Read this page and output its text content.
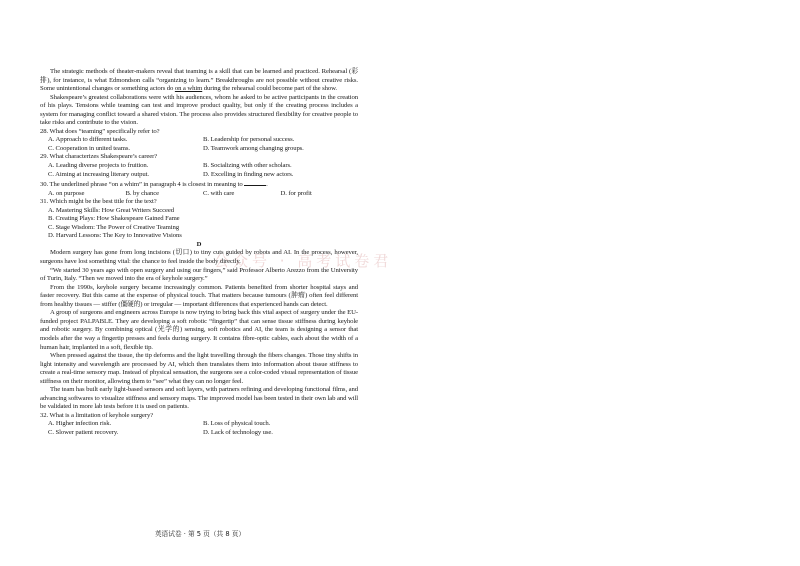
公众号 · 高考试卷君

The strategic methods of theater-makers reveal that teaming is a skill that can be learned and practiced. Rehearsal (彩排), for instance, is what Edmondson calls “organizing to learn.” Breakthroughs are not possible without creative risks. Some unintentional changes or something actors do on a whim during the rehearsal could become part of the show.

Shakespeare’s greatest collaborations were with his audiences, whom he asked to be active participants in the creation of his plays. Tensions while teaming can test and improve product quality, but only if the creating process includes a system for managing conflict toward a shared vision. The process also provides structured flexibility for creative people to take risks and contribute to the vision.

28. What does “teaming” specifically refer to?

A. Approach to different tasks.	B. Leadership for personal success.
C. Cooperation in united teams.	D. Teamwork among changing groups.

29. What characterizes Shakespeare’s career?

A. Leading diverse projects to fruition.	B. Socializing with other scholars.
C. Aiming at increasing literary output.	D. Excelling in finding new actors.

30. The underlined phrase “on a whim” in paragraph 4 is closest in meaning to	.

A. on purpose	B. by chance	C. with care	D. for profit

31. Which might be the best title for the text?

A. Mastering Skills: How Great Writers Succeed
B. Creating Plays: How Shakespeare Gained Fame
C. Stage Wisdom: The Power of Creative Teaming
D. Harvard Lessons: The Key to Innovative Visions

D

Modern surgery has gone from long incisions (切口) to tiny cuts guided by robots and AI. In the process, however, surgeons have lost something vital: the chance to feel inside the body directly.

“We started 30 years ago with open surgery and using our fingers,” said Professor Alberto Arezzo from the University of Turin, Italy. “Then we moved into the era of keyhole surgery.”

From the 1990s, keyhole surgery became increasingly common. Patients benefited from shorter hospital stays and faster recovery. But this came at the expense of physical touch. That matters because tumours (肿瘤) often feel different from healthy tissues — stiffer (僵硬的) or irregular — important differences that experienced hands can detect.

A group of surgeons and engineers across Europe is now trying to bring back this vital aspect of surgery under the EU-funded project PALPABLE. They are developing a soft robotic “fingertip” that can sense tissue stiffness during keyhole and robotic surgery. By combining optical (光学的) sensing, soft robotics and AI, the team is designing a sensor that models after the way a fingertip presses and feels during surgery. It contains fibre-optic cables, each about the width of a human hair, implanted in a soft, flexible tip.

When pressed against the tissue, the tip deforms and the light travelling through the fibers changes. Those tiny shifts in light intensity and wavelength are processed by AI, which then translates them into information about tissue stiffness to create a real-time sensory map. Instead of physical sensation, the surgeons see a color-coded visual representation of tissue stiffness on their monitor, allowing them to “see” what they can no longer feel.

The team has built early light-based sensors and soft layers, with partners refining and developing functional films, and advancing softwares to visualize stiffness and sensory maps. The improved model has been tested in their own lab and will be validated in more lab tests before it is used on patients.

32. What is a limitation of keyhole surgery?

A. Higher infection risk.	B. Loss of physical touch.
C. Slower patient recovery.	D. Lack of technology use.
英语试卷 · 第 5 页（共 8 页）
